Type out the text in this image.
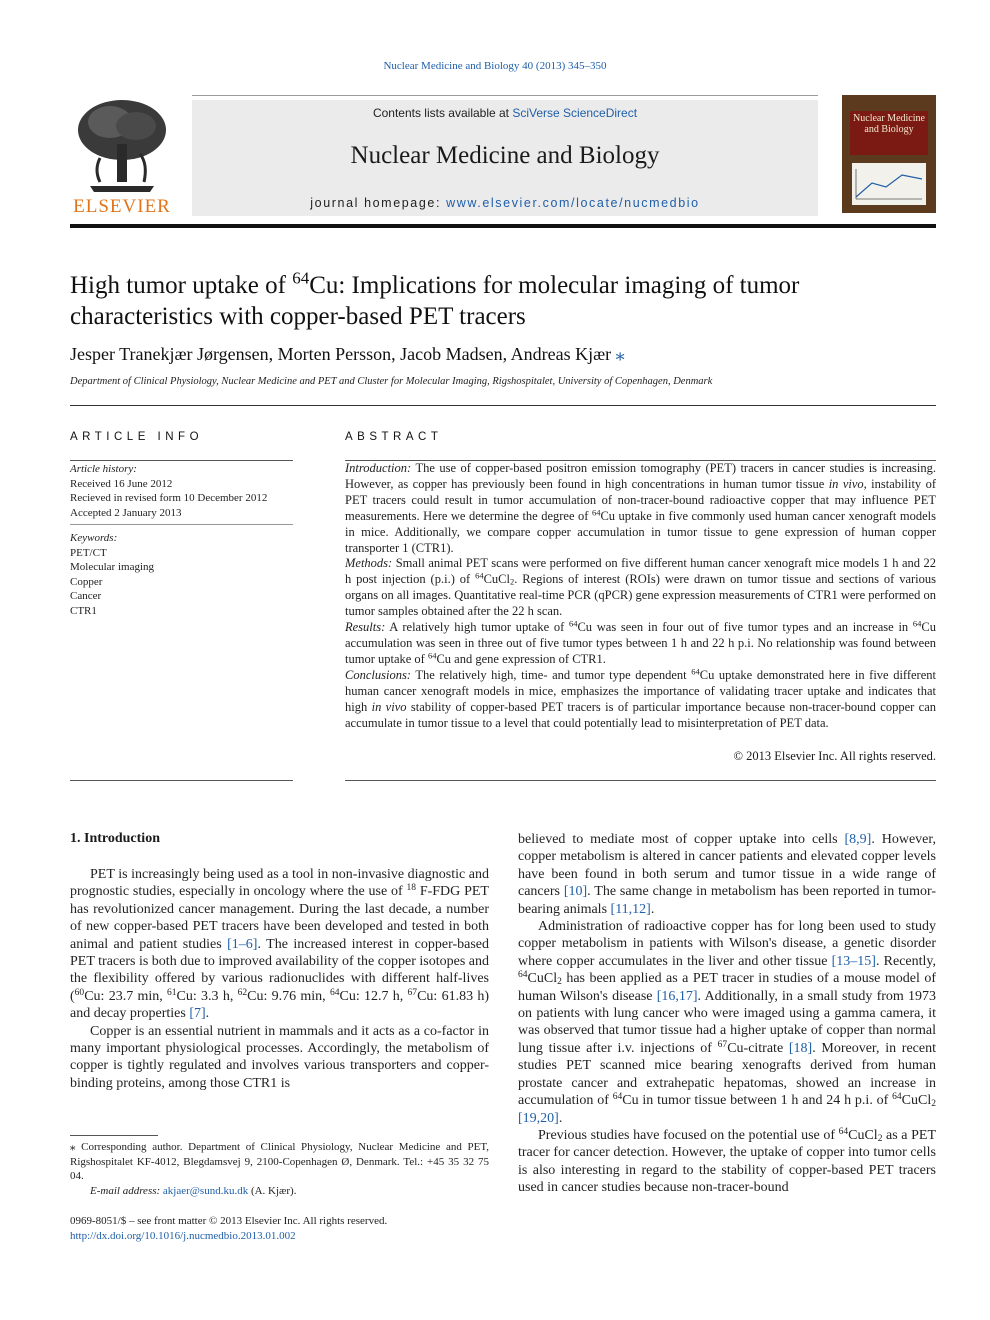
Nuclear Medicine and Biology 40 (2013) 345–350
ELSEVIER
Contents lists available at SciVerse ScienceDirect
Nuclear Medicine and Biology
journal homepage: www.elsevier.com/locate/nucmedbio
Nuclear Medicine and Biology
High tumor uptake of $^{64}$Cu: Implications for molecular imaging of tumor characteristics with copper-based PET tracers
Jesper Tranekjær Jørgensen, Morten Persson, Jacob Madsen, Andreas Kjær ⁎
Department of Clinical Physiology, Nuclear Medicine and PET and Cluster for Molecular Imaging, Rigshospitalet, University of Copenhagen, Denmark
ARTICLE INFO	ABSTRACT
Article history:
Received 16 June 2012
Recieved in revised form 10 December 2012
Accepted 2 January 2013
Keywords:
PET/CT
Molecular imaging
Copper
Cancer
CTR1

Introduction: The use of copper-based positron emission tomography (PET) tracers in cancer studies is increasing. However, as copper has previously been found in high concentrations in human tumor tissue in vivo, instability of PET tracers could result in tumor accumulation of non-tracer-bound radioactive copper that may influence PET measurements. Here we determine the degree of $^{64}$Cu uptake in five commonly used human cancer xenograft models in mice. Additionally, we compare copper accumulation in tumor tissue to gene expression of human copper transporter 1 (CTR1).

Methods: Small animal PET scans were performed on five different human cancer xenograft mice models 1 h and 22 h post injection (p.i.) of $^{64}$CuCl$_2$. Regions of interest (ROIs) were drawn on tumor tissue and sections of various organs on all images. Quantitative real-time PCR (qPCR) gene expression measurements of CTR1 were performed on tumor samples obtained after the 22 h scan.

Results: A relatively high tumor uptake of $^{64}$Cu was seen in four out of five tumor types and an increase in $^{64}$Cu accumulation was seen in three out of five tumor types between 1 h and 22 h p.i. No relationship was found between tumor uptake of $^{64}$Cu and gene expression of CTR1.

Conclusions: The relatively high, time- and tumor type dependent $^{64}$Cu uptake demonstrated here in five different human cancer xenograft models in mice, emphasizes the importance of validating tracer uptake and indicates that high in vivo stability of copper-based PET tracers is of particular importance because non-tracer-bound copper can accumulate in tumor tissue to a level that could potentially lead to misinterpretation of PET data.

© 2013 Elsevier Inc. All rights reserved.
1. Introduction

PET is increasingly being used as a tool in non-invasive diagnostic and prognostic studies, especially in oncology where the use of $^{18}$ F-FDG PET has revolutionized cancer management. During the last decade, a number of new copper-based PET tracers have been developed and tested in both animal and patient studies [1–6]. The increased interest in copper-based PET tracers is both due to improved availability of the copper isotopes and the flexibility offered by various radionuclides with different half-lives ($^{60}$Cu: 23.7 min, $^{61}$Cu: 3.3 h, $^{62}$Cu: 9.76 min, $^{64}$Cu: 12.7 h, $^{67}$Cu: 61.83 h) and decay properties [7].

Copper is an essential nutrient in mammals and it acts as a co-factor in many important physiological processes. Accordingly, the metabolism of copper is tightly regulated and involves various transporters and copper-binding proteins, among those CTR1 is

believed to mediate most of copper uptake into cells [8,9]. However, copper metabolism is altered in cancer patients and elevated copper levels have been found in both serum and tumor tissue in a wide range of cancers [10]. The same change in metabolism has been reported in tumor-bearing animals [11,12].

Administration of radioactive copper has for long been used to study copper metabolism in patients with Wilson's disease, a genetic disorder where copper accumulates in the liver and other tissue [13–15]. Recently, $^{64}$CuCl$_2$ has been applied as a PET tracer in studies of a mouse model of human Wilson's disease [16,17]. Additionally, in a small study from 1973 on patients with lung cancer who were imaged using a gamma camera, it was observed that tumor tissue had a higher uptake of copper than normal lung tissue after i.v. injections of $^{67}$Cu-citrate [18]. Moreover, in recent studies PET scanned mice bearing xenografts derived from human prostate cancer and extrahepatic hepatomas, showed an increase in accumulation of $^{64}$Cu in tumor tissue between 1 h and 24 h p.i. of $^{64}$CuCl$_2$ [19,20].

Previous studies have focused on the potential use of $^{64}$CuCl$_2$ as a PET tracer for cancer detection. However, the uptake of copper into tumor cells is also interesting in regard to the stability of copper-based PET tracers used in cancer studies because non-tracer-bound

⁎ Corresponding author. Department of Clinical Physiology, Nuclear Medicine and PET, Rigshospitalet KF-4012, Blegdamsvej 9, 2100-Copenhagen Ø, Denmark. Tel.: +45 35 32 75 04.

E-mail address: akjaer@sund.ku.dk (A. Kjær).

0969-8051/$ – see front matter © 2013 Elsevier Inc. All rights reserved.
http://dx.doi.org/10.1016/j.nucmedbio.2013.01.002
